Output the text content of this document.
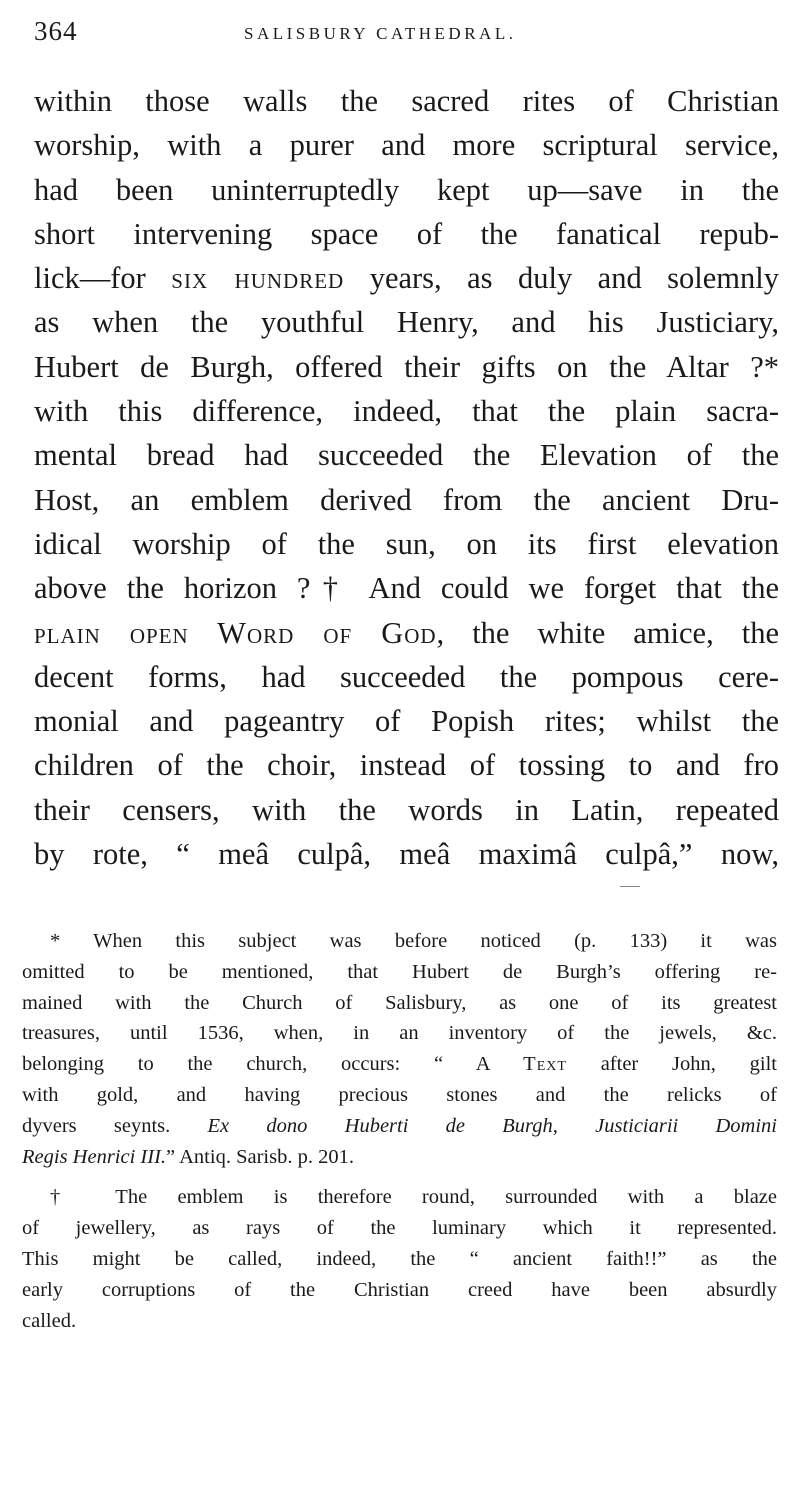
364	SALISBURY CATHEDRAL.
within those walls the sacred rites of Christian
worship, with a purer and more scriptural service,
had been uninterruptedly kept up—save in the
short intervening space of the fanatical repub-
lick—for six hundred years, as duly and solemnly
as when the youthful Henry, and his Justiciary,
Hubert de Burgh, offered their gifts on the Altar ?*
with this difference, indeed, that the plain sacra-
mental bread had succeeded the Elevation of the
Host, an emblem derived from the ancient Dru-
idical worship of the sun, on its first elevation
above the horizon ?† And could we forget that the
plain open Word of God, the white amice, the
decent forms, had succeeded the pompous cere-
monial and pageantry of Popish rites; whilst the
children of the choir, instead of tossing to and fro
their censers, with the words in Latin, repeated
by rote, “ meâ culpâ, meâ maximâ culpâ,” now,
* When this subject was before noticed (p. 133) it was
omitted to be mentioned, that Hubert de Burgh’s offering re-
mained with the Church of Salisbury, as one of its greatest
treasures, until 1536, when, in an inventory of the jewels, &c.
belonging to the church, occurs: “ A Text after John, gilt
with gold, and having precious stones and the relicks of
dyvers seynts. Ex dono Huberti de Burgh, Justiciarii Domini
Regis Henrici III.” Antiq. Sarisb. p. 201.
† The emblem is therefore round, surrounded with a blaze
of jewellery, as rays of the luminary which it represented.
This might be called, indeed, the “ ancient faith!!” as the
early corruptions of the Christian creed have been absurdly
called.
